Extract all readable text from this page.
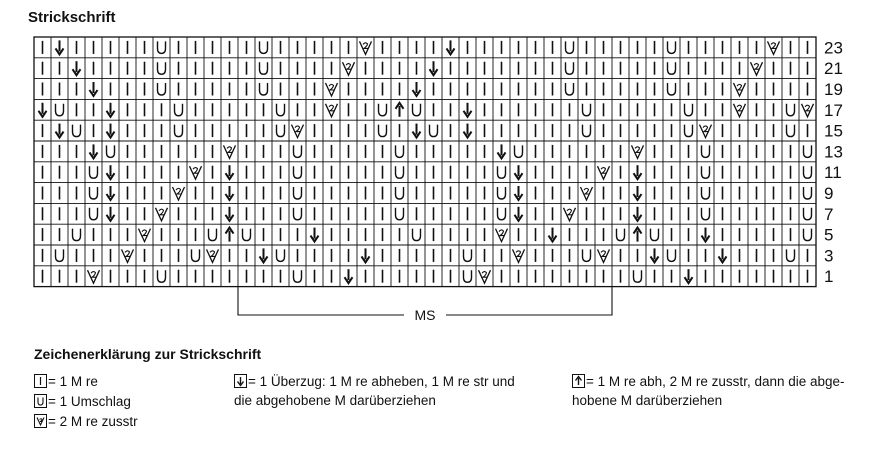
Strickschrift
23
21
19
17
15
13
11
9
7
5
3
1
MS
Zeichenerklärung zur Strickschrift
= 1 M re
= 1 Umschlag
= 2 M re zusstr
= 1 Überzug: 1 M re abheben, 1 M re str und
die abgehobene M darüberziehen
= 1 M re abh, 2 M re zusstr, dann die abge-
hobene M darüberziehen
